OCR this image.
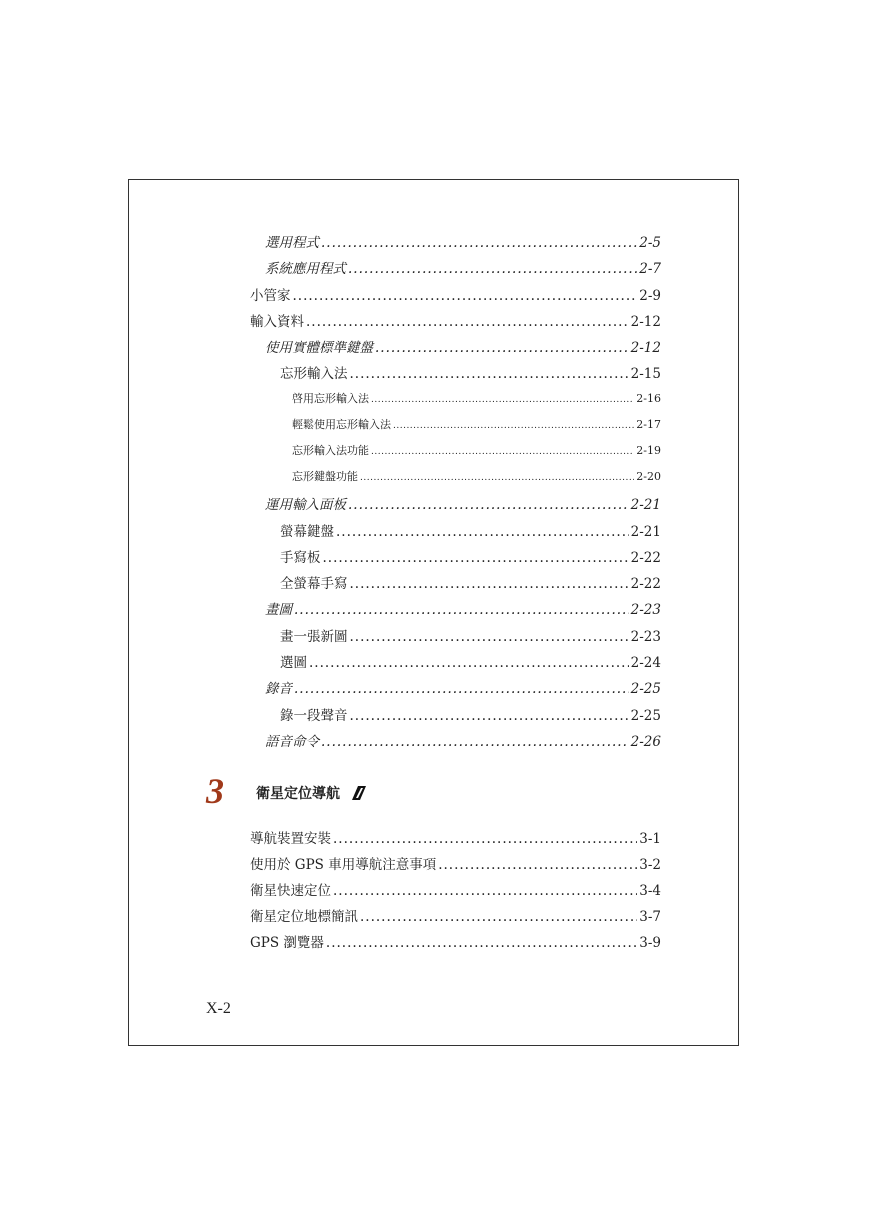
選用程式 .....	2-5
系統應用程式 .....	2-7
小管家 .....	2-9
輸入資料 .....	2-12
使用實體標準鍵盤 .....	2-12
忘形輸入法 .....	2-15
啓用忘形輸入法 .....	2-16
輕鬆使用忘形輸入法 .....	2-17
忘形輸入法功能 .....	2-19
忘形鍵盤功能 .....	2-20
運用輸入面板 .....	2-21
螢幕鍵盤 .....	2-21
手寫板 .....	2-22
全螢幕手寫 .....	2-22
畫圖 .....	2-23
畫一張新圖 .....	2-23
選圖 .....	2-24
錄音 .....	2-25
錄一段聲音 .....	2-25
語音命令 .....	2-26
3 衛星定位導航
導航裝置安裝 .....	3-1
使用於 GPS 車用導航注意事項 .....	3-2
衛星快速定位 .....	3-4
衛星定位地標簡訊 .....	3-7
GPS 瀏覽器 .....	3-9
X-2
